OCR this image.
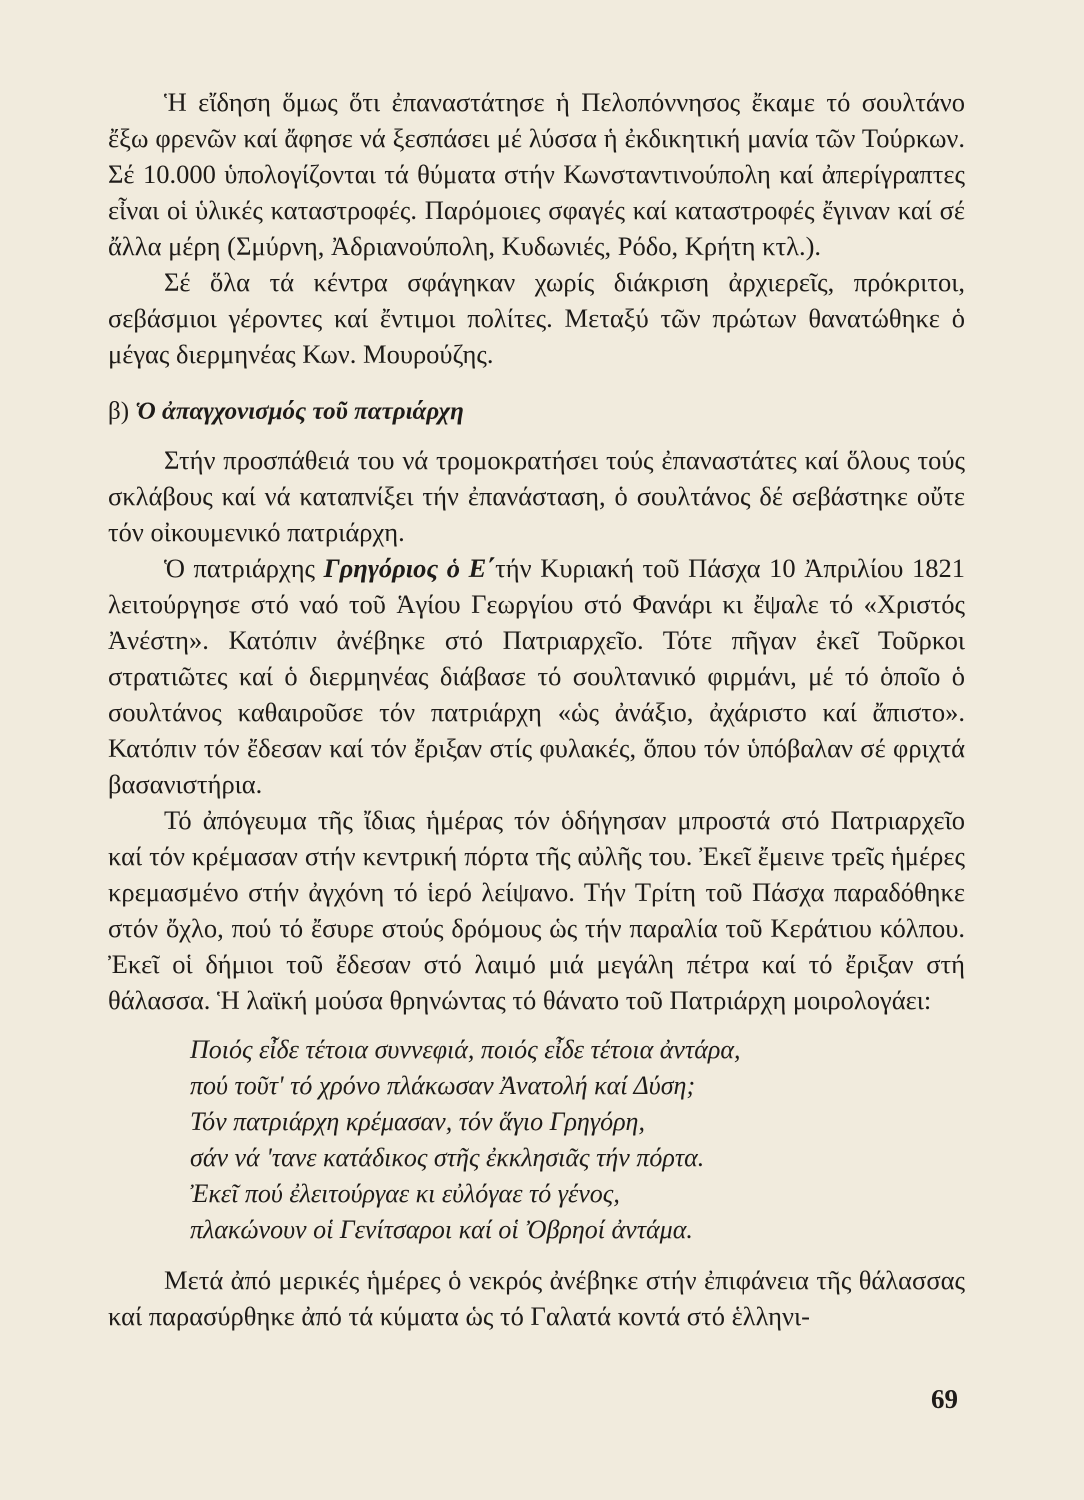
Ἡ εἴδηση ὅμως ὅτι ἐπαναστάτησε ἡ Πελοπόννησος ἔκαμε τό σουλτάνο ἔξω φρενῶν καί ἄφησε νά ξεσπάσει μέ λύσσα ἡ ἐκδικητική μανία τῶν Τούρκων. Σέ 10.000 ὑπολογίζονται τά θύματα στήν Κωνσταντινούπολη καί ἀπερίγραπτες εἶναι οἱ ὑλικές καταστροφές. Παρόμοιες σφαγές καί καταστροφές ἔγιναν καί σέ ἄλλα μέρη (Σμύρνη, Ἀδριανούπολη, Κυδωνιές, Ρόδο, Κρήτη κτλ.).

Σέ ὅλα τά κέντρα σφάγηκαν χωρίς διάκριση ἀρχιερεῖς, πρόκριτοι, σεβάσμιοι γέροντες καί ἔντιμοι πολίτες. Μεταξύ τῶν πρώτων θανατώθηκε ὁ μέγας διερμηνέας Κων. Μουρούζης.

β) Ὁ ἀπαγχονισμός τοῦ πατριάρχη

Στήν προσπάθειά του νά τρομοκρατήσει τούς ἐπαναστάτες καί ὅλους τούς σκλάβους καί νά καταπνίξει τήν ἐπανάσταση, ὁ σουλτάνος δέ σεβάστηκε οὔτε τόν οἰκουμενικό πατριάρχη.

Ὁ πατριάρχης Γρηγόριος ὁ Ε΄τήν Κυριακή τοῦ Πάσχα 10 Ἀπριλίου 1821 λειτούργησε στό ναό τοῦ Ἁγίου Γεωργίου στό Φανάρι κι ἔψαλε τό «Χριστός Ἀνέστη». Κατόπιν ἀνέβηκε στό Πατριαρχεῖο. Τότε πῆγαν ἐκεῖ Τοῦρκοι στρατιῶτες καί ὁ διερμηνέας διάβασε τό σουλτανικό φιρμάνι, μέ τό ὁποῖο ὁ σουλτάνος καθαιροῦσε τόν πατριάρχη «ὡς ἀνάξιο, ἀχάριστο καί ἄπιστο». Κατόπιν τόν ἔδεσαν καί τόν ἔριξαν στίς φυλακές, ὅπου τόν ὑπόβαλαν σέ φριχτά βασανιστήρια.

Τό ἀπόγευμα τῆς ἴδιας ἡμέρας τόν ὁδήγησαν μπροστά στό Πατριαρχεῖο καί τόν κρέμασαν στήν κεντρική πόρτα τῆς αὐλῆς του. Ἐκεῖ ἔμεινε τρεῖς ἡμέρες κρεμασμένο στήν ἀγχόνη τό ἱερό λείψανο. Τήν Τρίτη τοῦ Πάσχα παραδόθηκε στόν ὄχλο, πού τό ἔσυρε στούς δρόμους ὡς τήν παραλία τοῦ Κεράτιου κόλπου. Ἐκεῖ οἱ δήμιοι τοῦ ἔδεσαν στό λαιμό μιά μεγάλη πέτρα καί τό ἔριξαν στή θάλασσα. Ἡ λαϊκή μούσα θρηνώντας τό θάνατο τοῦ Πατριάρχη μοιρολογάει:

Ποιός εἶδε τέτοια συννεφιά, ποιός εἶδε τέτοια ἀντάρα,
πού τοῦτ' τό χρόνο πλάκωσαν Ἀνατολή καί Δύση;
Τόν πατριάρχη κρέμασαν, τόν ἅγιο Γρηγόρη,
σάν νά 'τανε κατάδικος στῆς ἐκκλησιᾶς τήν πόρτα.
Ἐκεῖ πού ἐλειτούργαε κι εὐλόγαε τό γένος,
πλακώνουν οἱ Γενίτσαροι καί οἱ Ὀβρηοί ἀντάμα.

Μετά ἀπό μερικές ἡμέρες ὁ νεκρός ἀνέβηκε στήν ἐπιφάνεια τῆς θάλασσας καί παρασύρθηκε ἀπό τά κύματα ὡς τό Γαλατά κοντά στό ἑλληνι-

69
